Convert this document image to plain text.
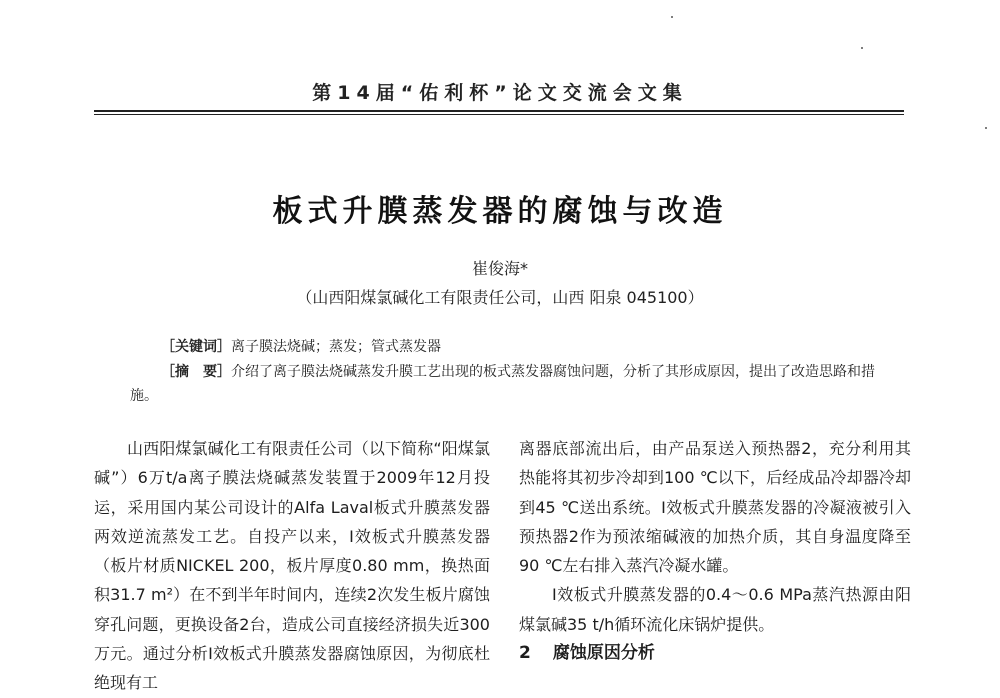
第14届“佑利杯”论文交流会文集
板式升膜蒸发器的腐蚀与改造
崔俊海*
（山西阳煤氯碱化工有限责任公司，山西 阳泉 045100）
［关键词］离子膜法烧碱；蒸发；管式蒸发器
［摘　要］介绍了离子膜法烧碱蒸发升膜工艺出现的板式蒸发器腐蚀问题，分析了其形成原因，提出了改造思路和措施。

山西阳煤氯碱化工有限责任公司（以下简称“阳煤氯碱”）6万t/a离子膜法烧碱蒸发装置于2009年12月投运，采用国内某公司设计的Alfa Laval板式升膜蒸发器两效逆流蒸发工艺。自投产以来，Ⅰ效板式升膜蒸发器（板片材质NICKEL 200，板片厚度0.80 mm，换热面积31.7 m²）在不到半年时间内，连续2次发生板片腐蚀穿孔问题，更换设备2台，造成公司直接经济损失近300万元。通过分析Ⅰ效板式升膜蒸发器腐蚀原因，为彻底杜绝现有工

离器底部流出后，由产品泵送入预热器2，充分利用其热能将其初步冷却到100 ℃以下，后经成品冷却器冷却到45 ℃送出系统。Ⅰ效板式升膜蒸发器的冷凝液被引入预热器2作为预浓缩碱液的加热介质，其自身温度降至90 ℃左右排入蒸汽冷凝水罐。

Ⅰ效板式升膜蒸发器的0.4～0.6 MPa蒸汽热源由阳煤氯碱35 t/h循环流化床锅炉提供。

2 腐蚀原因分析
